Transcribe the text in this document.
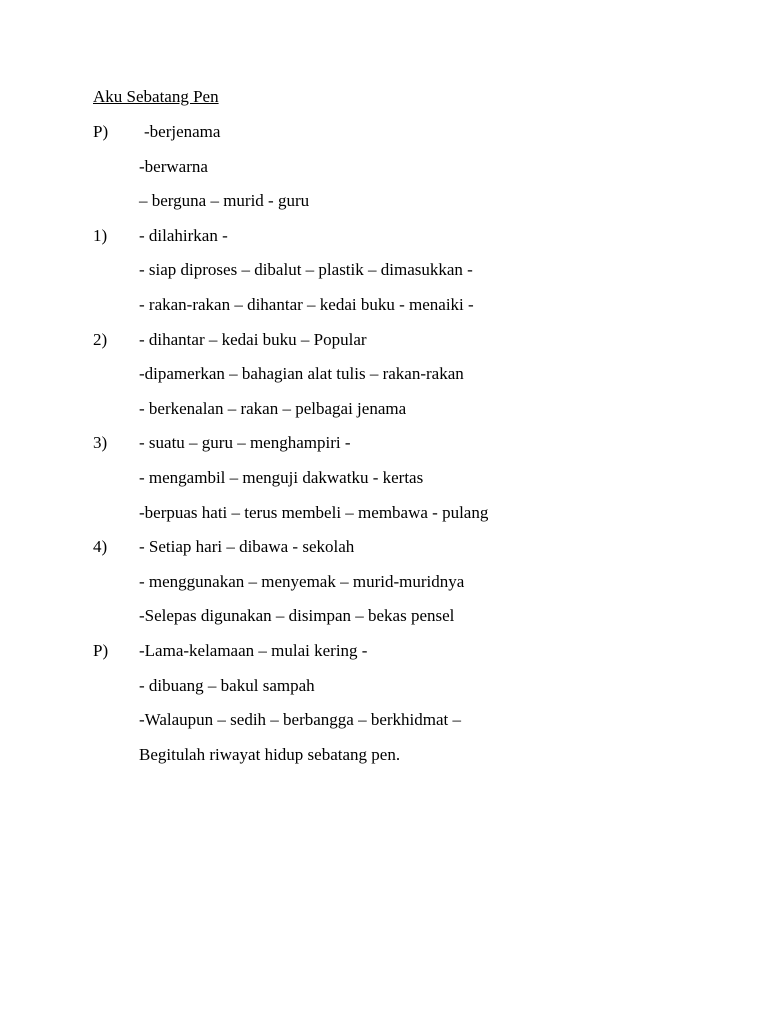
Aku Sebatang Pen
P) -berjenama
-berwarna
– berguna – murid - guru
1) - dilahirkan -
- siap diproses – dibalut – plastik – dimasukkan -
- rakan-rakan – dihantar – kedai buku - menaiki -
2) - dihantar – kedai buku – Popular
-dipamerkan – bahagian alat tulis – rakan-rakan
- berkenalan – rakan – pelbagai jenama
3) - suatu – guru – menghampiri -
- mengambil – menguji dakwatku - kertas
-berpuas hati – terus membeli – membawa - pulang
4) - Setiap hari – dibawa - sekolah
- menggunakan – menyemak – murid-muridnya
-Selepas digunakan – disimpan – bekas pensel
P) -Lama-kelamaan – mulai kering -
- dibuang – bakul sampah
-Walaupun – sedih – berbangga – berkhidmat –
Begitulah riwayat hidup sebatang pen.
